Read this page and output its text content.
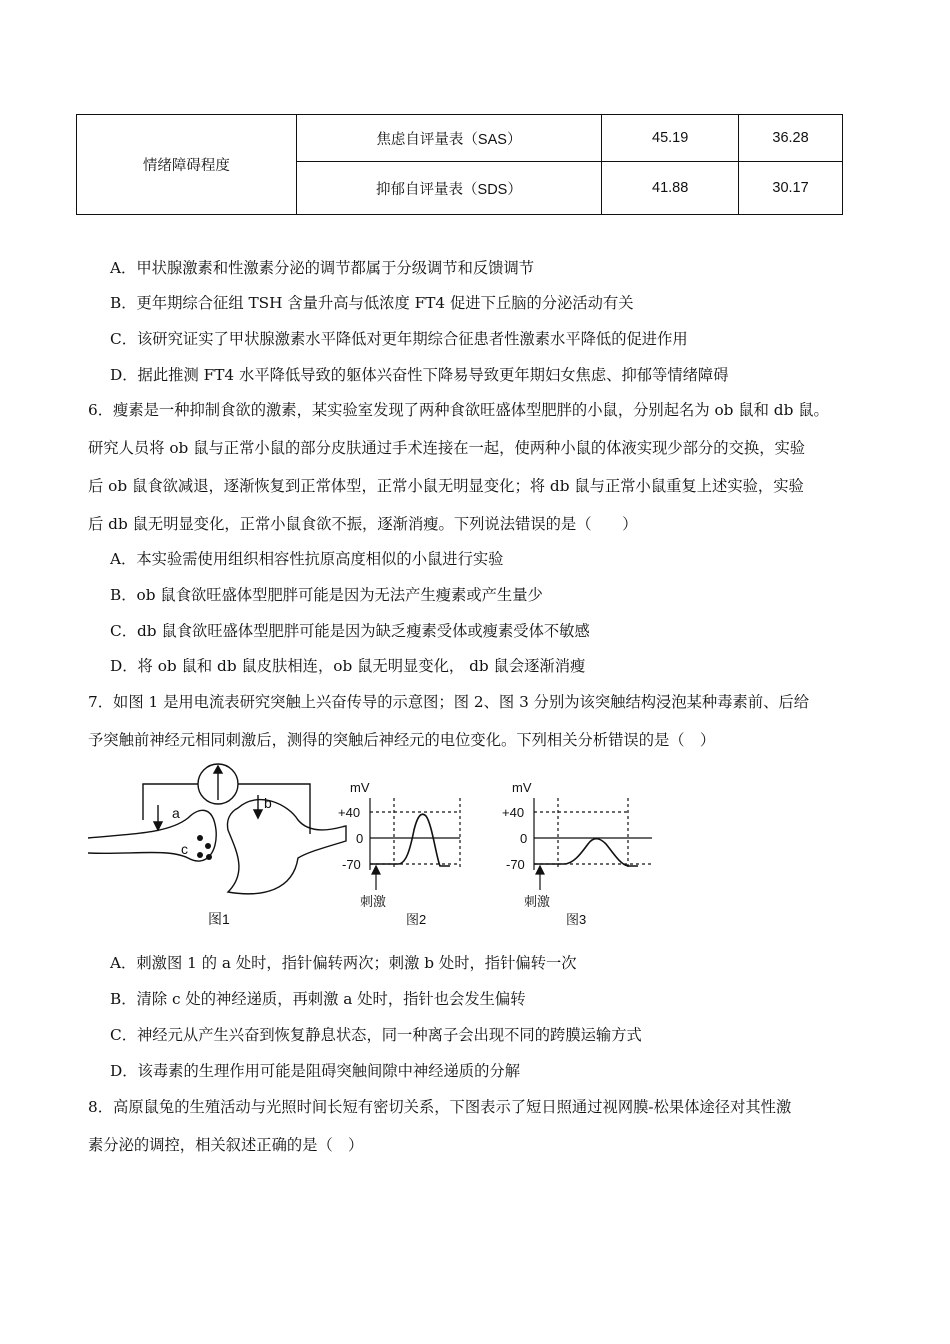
情绪障碍程度	焦虑自评量表（SAS）	45.19	36.28
	抑郁自评量表（SDS）	41.88	30.17
A．甲状腺激素和性激素分泌的调节都属于分级调节和反馈调节
B．更年期综合征组 TSH 含量升高与低浓度 FT4 促进下丘脑的分泌活动有关
C．该研究证实了甲状腺激素水平降低对更年期综合征患者性激素水平降低的促进作用
D．据此推测 FT4 水平降低导致的躯体兴奋性下降易导致更年期妇女焦虑、抑郁等情绪障碍
6．瘦素是一种抑制食欲的激素，某实验室发现了两种食欲旺盛体型肥胖的小鼠，分别起名为 ob 鼠和 db 鼠。
研究人员将 ob 鼠与正常小鼠的部分皮肤通过手术连接在一起，使两种小鼠的体液实现少部分的交换，实验
后 ob 鼠食欲减退，逐渐恢复到正常体型，正常小鼠无明显变化；将 db 鼠与正常小鼠重复上述实验，实验
后 db 鼠无明显变化，正常小鼠食欲不振，逐渐消瘦。下列说法错误的是（　　）
A．本实验需使用组织相容性抗原高度相似的小鼠进行实验
B．ob 鼠食欲旺盛体型肥胖可能是因为无法产生瘦素或产生量少
C．db 鼠食欲旺盛体型肥胖可能是因为缺乏瘦素受体或瘦素受体不敏感
D．将 ob 鼠和 db 鼠皮肤相连，ob 鼠无明显变化， db 鼠会逐渐消瘦
7．如图 1 是用电流表研究突触上兴奋传导的示意图；图 2、图 3 分别为该突触结构浸泡某种毒素前、后给
予突触前神经元相同刺激后，测得的突触后神经元的电位变化。下列相关分析错误的是（　）
a
b
c
图1
mV
+40
0
-70
刺激
图2
mV
+40
0
-70
刺激
图3
A．刺激图 1 的 a 处时，指针偏转两次；刺激 b 处时，指针偏转一次
B．清除 c 处的神经递质，再刺激 a 处时，指针也会发生偏转
C．神经元从产生兴奋到恢复静息状态，同一种离子会出现不同的跨膜运输方式
D．该毒素的生理作用可能是阻碍突触间隙中神经递质的分解
8．高原鼠兔的生殖活动与光照时间长短有密切关系，下图表示了短日照通过视网膜-松果体途径对其性激
素分泌的调控，相关叙述正确的是（　）
